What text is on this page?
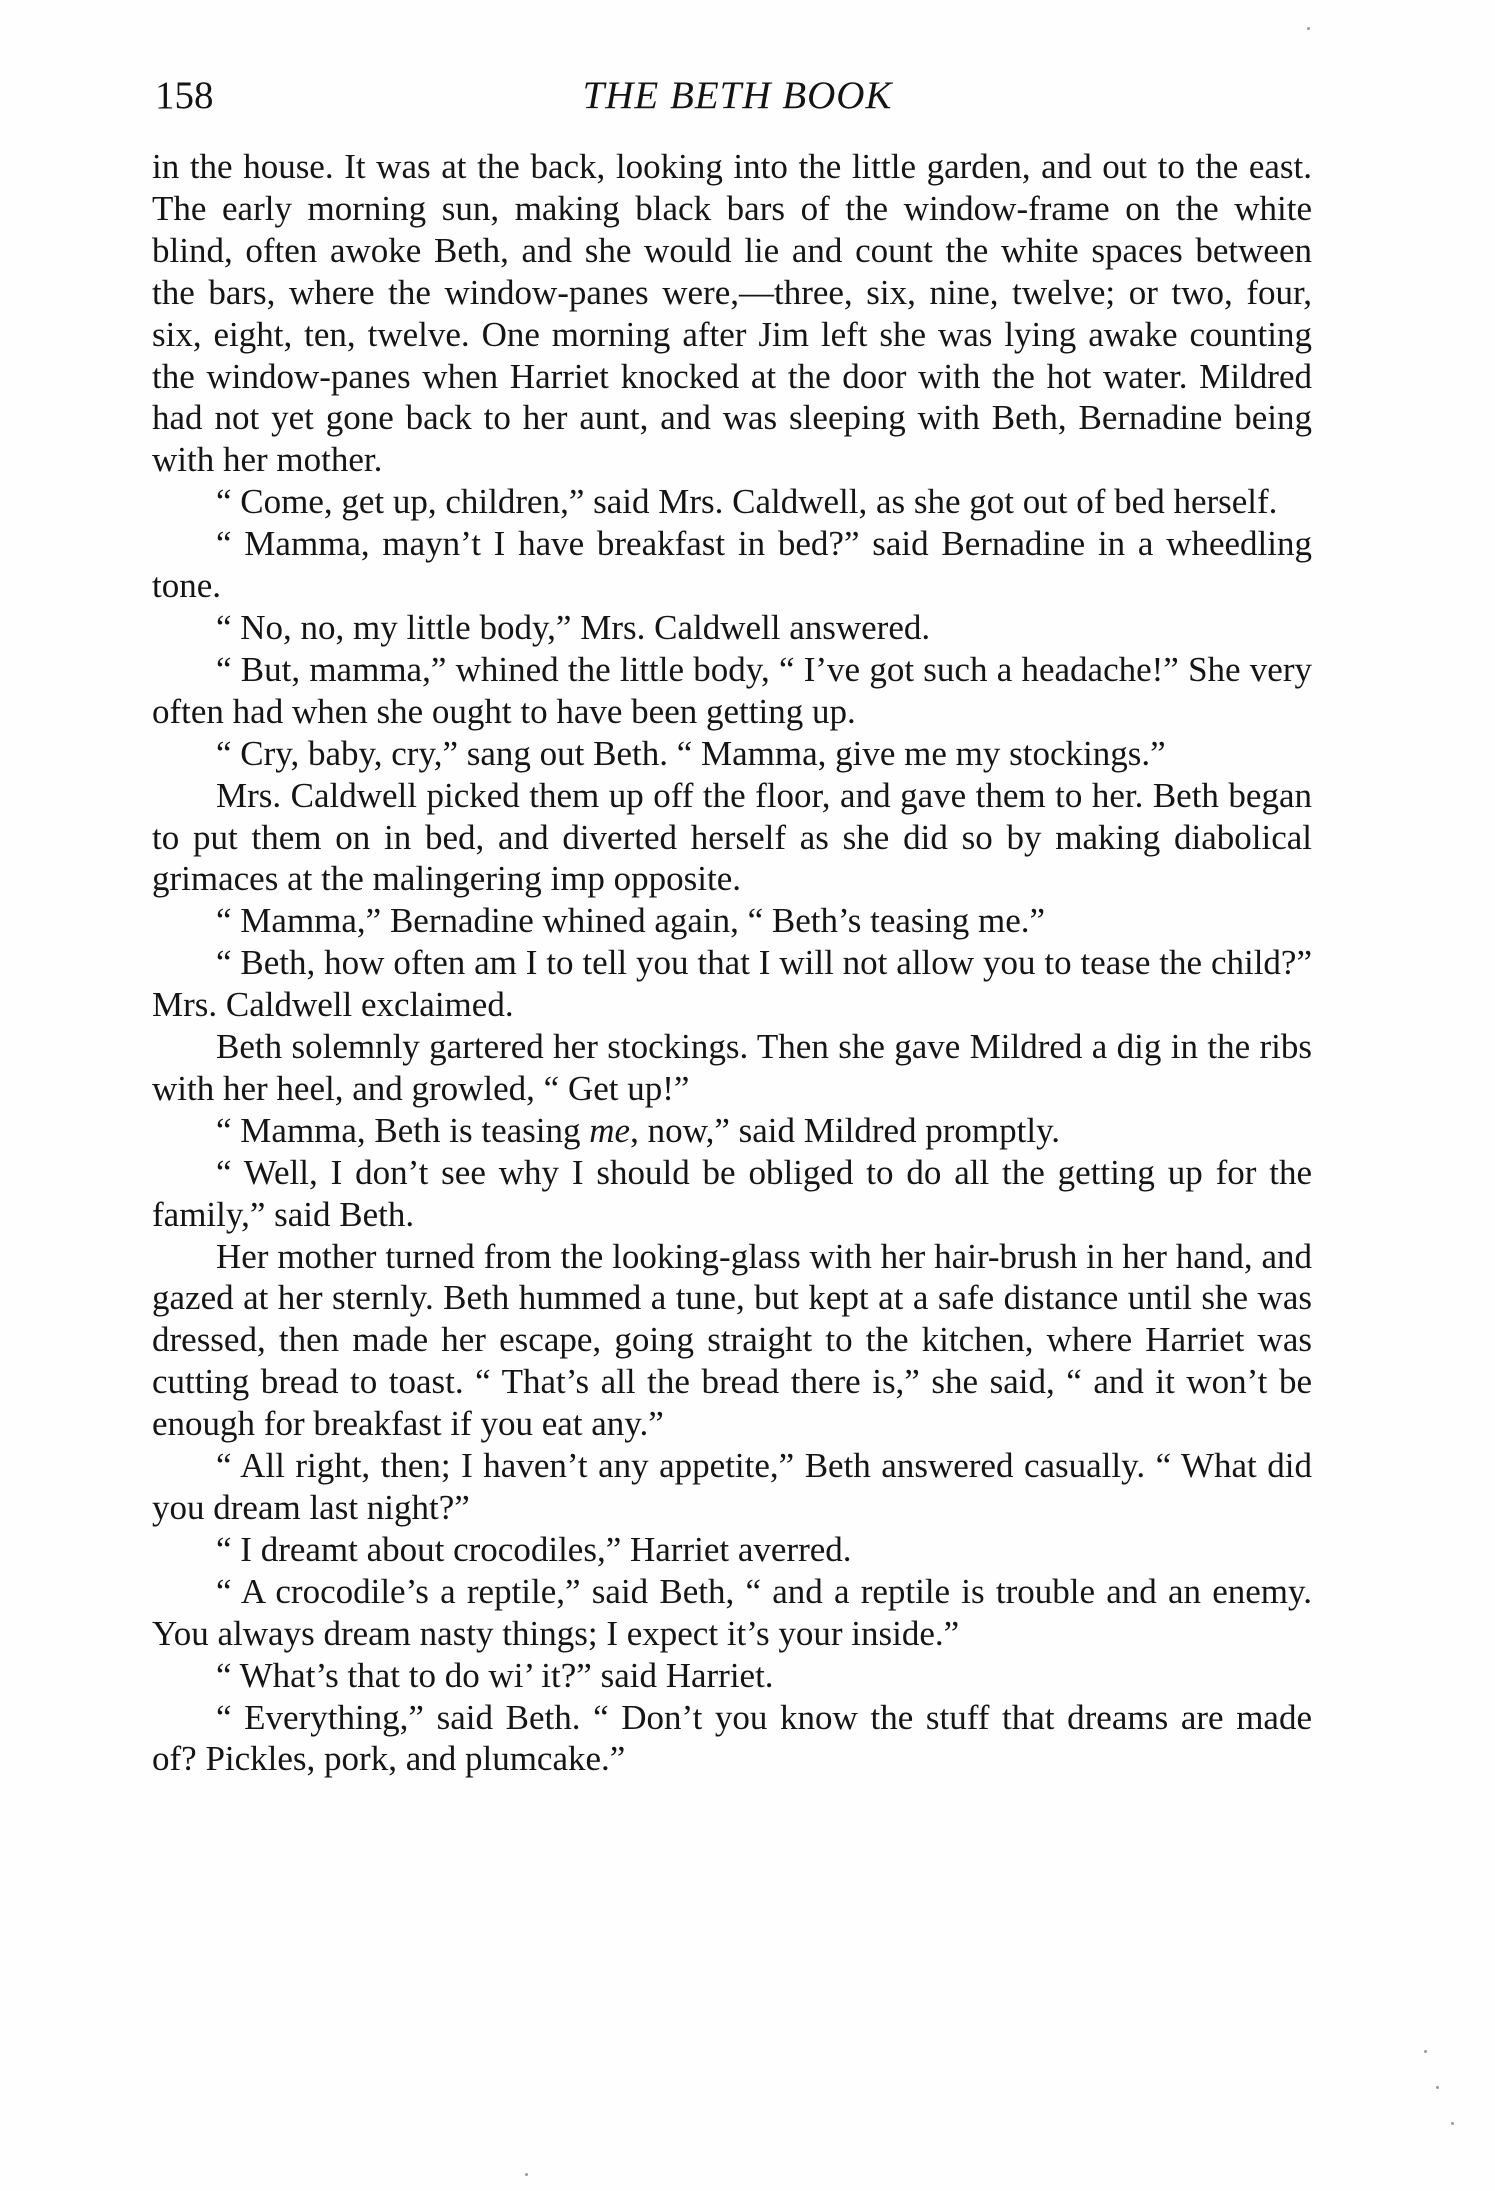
158	THE BETH BOOK

in the house. It was at the back, looking into the little garden, and out to the east. The early morning sun, making black bars of the window-frame on the white blind, often awoke Beth, and she would lie and count the white spaces between the bars, where the window-panes were,—three, six, nine, twelve; or two, four, six, eight, ten, twelve. One morning after Jim left she was lying awake counting the window-panes when Harriet knocked at the door with the hot water. Mildred had not yet gone back to her aunt, and was sleeping with Beth, Bernadine being with her mother.

“ Come, get up, children,” said Mrs. Caldwell, as she got out of bed herself.

“ Mamma, mayn’t I have breakfast in bed?” said Bernadine in a wheedling tone.

“ No, no, my little body,” Mrs. Caldwell answered.

“ But, mamma,” whined the little body, “ I’ve got such a headache!” She very often had when she ought to have been getting up.

“ Cry, baby, cry,” sang out Beth. “ Mamma, give me my stockings.”

Mrs. Caldwell picked them up off the floor, and gave them to her. Beth began to put them on in bed, and diverted herself as she did so by making diabolical grimaces at the malingering imp opposite.

“ Mamma,” Bernadine whined again, “ Beth’s teasing me.”

“ Beth, how often am I to tell you that I will not allow you to tease the child?” Mrs. Caldwell exclaimed.

Beth solemnly gartered her stockings. Then she gave Mildred a dig in the ribs with her heel, and growled, “ Get up!”

“ Mamma, Beth is teasing me, now,” said Mildred promptly.

“ Well, I don’t see why I should be obliged to do all the getting up for the family,” said Beth.

Her mother turned from the looking-glass with her hair-brush in her hand, and gazed at her sternly. Beth hummed a tune, but kept at a safe distance until she was dressed, then made her escape, going straight to the kitchen, where Harriet was cutting bread to toast. “ That’s all the bread there is,” she said, “ and it won’t be enough for breakfast if you eat any.”

“ All right, then; I haven’t any appetite,” Beth answered casually. “ What did you dream last night?”

“ I dreamt about crocodiles,” Harriet averred.

“ A crocodile’s a reptile,” said Beth, “ and a reptile is trouble and an enemy. You always dream nasty things; I expect it’s your inside.”

“ What’s that to do wi’ it?” said Harriet.

“ Everything,” said Beth. “ Don’t you know the stuff that dreams are made of? Pickles, pork, and plumcake.”
